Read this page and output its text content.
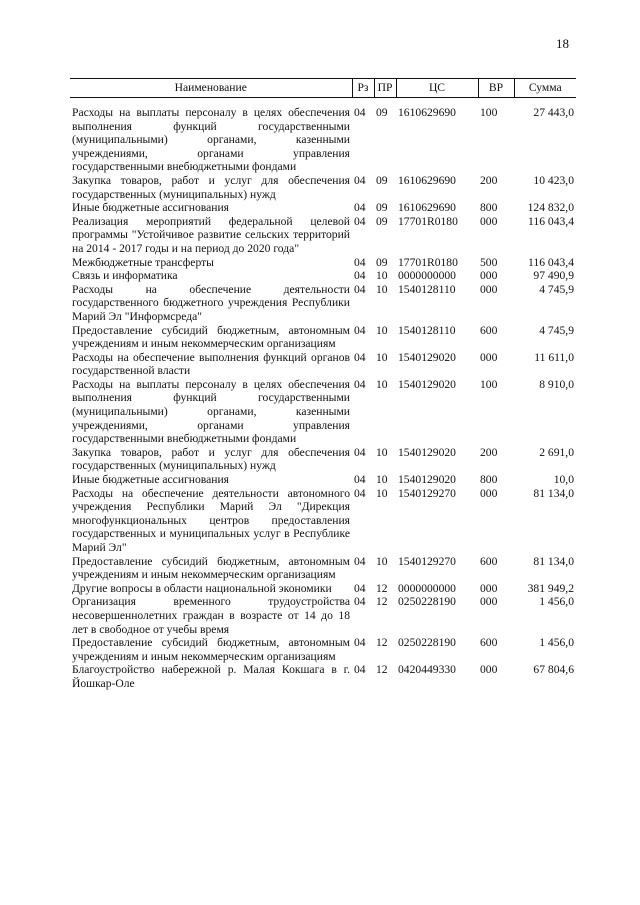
18
Наименование	Рз	ПР	ЦС	ВР	Сумма
Расходы на выплаты персоналу в целях обеспечения выполнения функций государственными (муниципальными) органами, казенными учреждениями, органами управления государственными внебюджетными фондами	04	09	1610629690	100	27 443,0
Закупка товаров, работ и услуг для обеспечения государственных (муниципальных) нужд	04	09	1610629690	200	10 423,0
Иные бюджетные ассигнования	04	09	1610629690	800	124 832,0
Реализация мероприятий федеральной целевой программы "Устойчивое развитие сельских территорий на 2014 - 2017 годы и на период до 2020 года"	04	09	17701R0180	000	116 043,4
Межбюджетные трансферты	04	09	17701R0180	500	116 043,4
Связь и информатика	04	10	0000000000	000	97 490,9
Расходы на обеспечение деятельности государственного бюджетного учреждения Республики Марий Эл "Информсреда"	04	10	1540128110	000	4 745,9
Предоставление субсидий бюджетным, автономным учреждениям и иным некоммерческим организациям	04	10	1540128110	600	4 745,9
Расходы на обеспечение выполнения функций органов государственной власти	04	10	1540129020	000	11 611,0
Расходы на выплаты персоналу в целях обеспечения выполнения функций государственными (муниципальными) органами, казенными учреждениями, органами управления государственными внебюджетными фондами	04	10	1540129020	100	8 910,0
Закупка товаров, работ и услуг для обеспечения государственных (муниципальных) нужд	04	10	1540129020	200	2 691,0
Иные бюджетные ассигнования	04	10	1540129020	800	10,0
Расходы на обеспечение деятельности автономного учреждения Республики Марий Эл "Дирекция многофункциональных центров предоставления государственных и муниципальных услуг в Республике Марий Эл"	04	10	1540129270	000	81 134,0
Предоставление субсидий бюджетным, автономным учреждениям и иным некоммерческим организациям	04	10	1540129270	600	81 134,0
Другие вопросы в области национальной экономики	04	12	0000000000	000	381 949,2
Организация временного трудоустройства несовершеннолетних граждан в возрасте от 14 до 18 лет в свободное от учебы время	04	12	0250228190	000	1 456,0
Предоставление субсидий бюджетным, автономным учреждениям и иным некоммерческим организациям	04	12	0250228190	600	1 456,0
Благоустройство набережной р. Малая Кокшага в г. Йошкар-Оле	04	12	0420449330	000	67 804,6
